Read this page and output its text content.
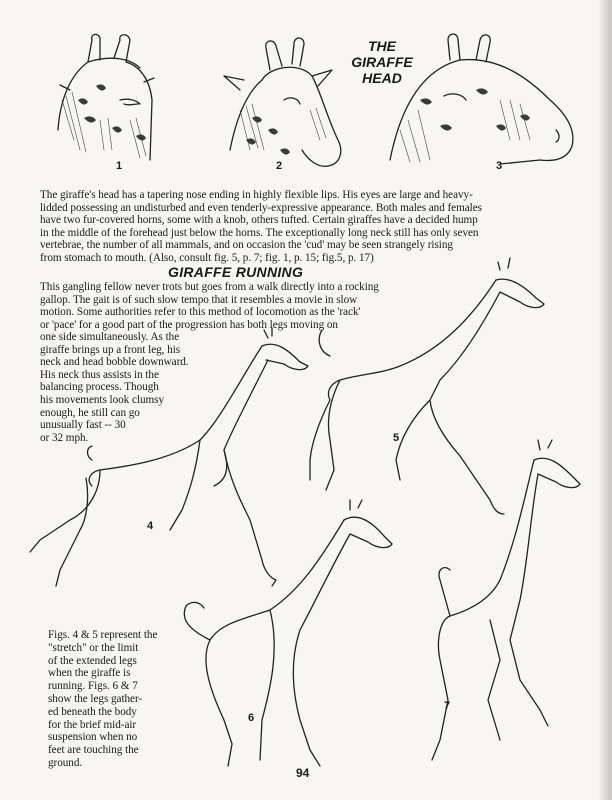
THE
GIRAFFE
HEAD
1	2	3
4
5
6
7
The giraffe's head has a tapering nose ending in highly flexible lips. His eyes are large and heavy-
lidded possessing an undisturbed and even tenderly-expressive appearance. Both males and females
have two fur-covered horns, some with a knob, others tufted. Certain giraffes have a decided hump
in the middle of the forehead just below the horns. The exceptionally long neck still has only seven
vertebrae, the number of all mammals, and on occasion the 'cud' may be seen strangely rising
from stomach to mouth. (Also, consult fig. 5, p. 7; fig. 1, p. 15; fig.5, p. 17)
GIRAFFE RUNNING
This gangling fellow never trots but goes from a walk directly into a rocking
gallop. The gait is of such slow tempo that it resembles a movie in slow
motion. Some authorities refer to this method of locomotion as the 'rack'
or 'pace' for a good part of the progression has both legs moving on
one side simultaneously. As the
giraffe brings up a front leg, his
neck and head bobble downward.
His neck thus assists in the
balancing process. Though
his movements look clumsy
enough, he still can go
unusually fast -- 30
or 32 mph.
Figs. 4 & 5 represent the
"stretch" or the limit
of the extended legs
when the giraffe is
running. Figs. 6 & 7
show the legs gather-
ed beneath the body
for the brief mid-air
suspension when no
feet are touching the
ground.
94
